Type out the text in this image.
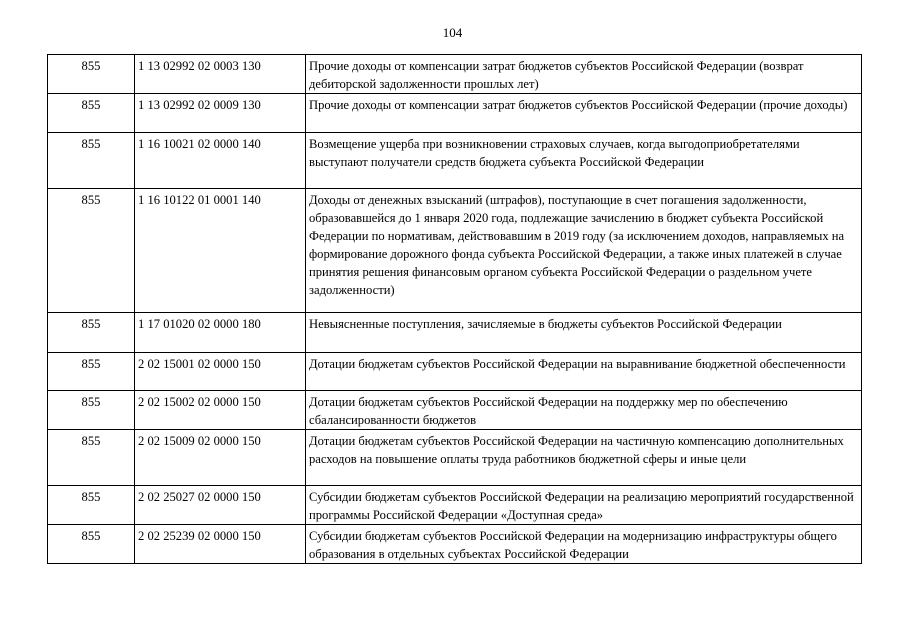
104
855	1 13 02992 02 0003 130	Прочие доходы от компенсации затрат бюджетов субъектов Российской Федерации (возврат дебиторской задолженности прошлых лет)
855	1 13 02992 02 0009 130	Прочие доходы от компенсации затрат бюджетов субъектов Российской Федерации (прочие доходы)
855	1 16 10021 02 0000 140	Возмещение ущерба при возникновении страховых случаев, когда выгодоприобретателями выступают получатели средств бюджета субъекта Российской Федерации
855	1 16 10122 01 0001 140	Доходы от денежных взысканий (штрафов), поступающие в счет погашения задолженности, образовавшейся до 1 января 2020 года, подлежащие зачислению в бюджет субъекта Российской Федерации по нормативам, действовавшим в 2019 году (за исключением доходов, направляемых на формирование дорожного фонда субъекта Российской Федерации, а также иных платежей в случае принятия решения финансовым органом субъекта Российской Федерации о раздельном учете задолженности)
855	1 17 01020 02 0000 180	Невыясненные поступления, зачисляемые в бюджеты субъектов Российской Федерации
855	2 02 15001 02 0000 150	Дотации бюджетам субъектов Российской Федерации на выравнивание бюджетной обеспеченности
855	2 02 15002 02 0000 150	Дотации бюджетам субъектов Российской Федерации на поддержку мер по обеспечению сбалансированности бюджетов
855	2 02 15009 02 0000 150	Дотации бюджетам субъектов Российской Федерации на частичную компенсацию дополнительных расходов на повышение оплаты труда работников бюджетной сферы и иные цели
855	2 02 25027 02 0000 150	Субсидии бюджетам субъектов Российской Федерации на реализацию мероприятий государственной программы Российской Федерации «Доступная среда»
855	2 02 25239 02 0000 150	Субсидии бюджетам субъектов Российской Федерации на модернизацию инфраструктуры общего образования в отдельных субъектах Российской Федерации
